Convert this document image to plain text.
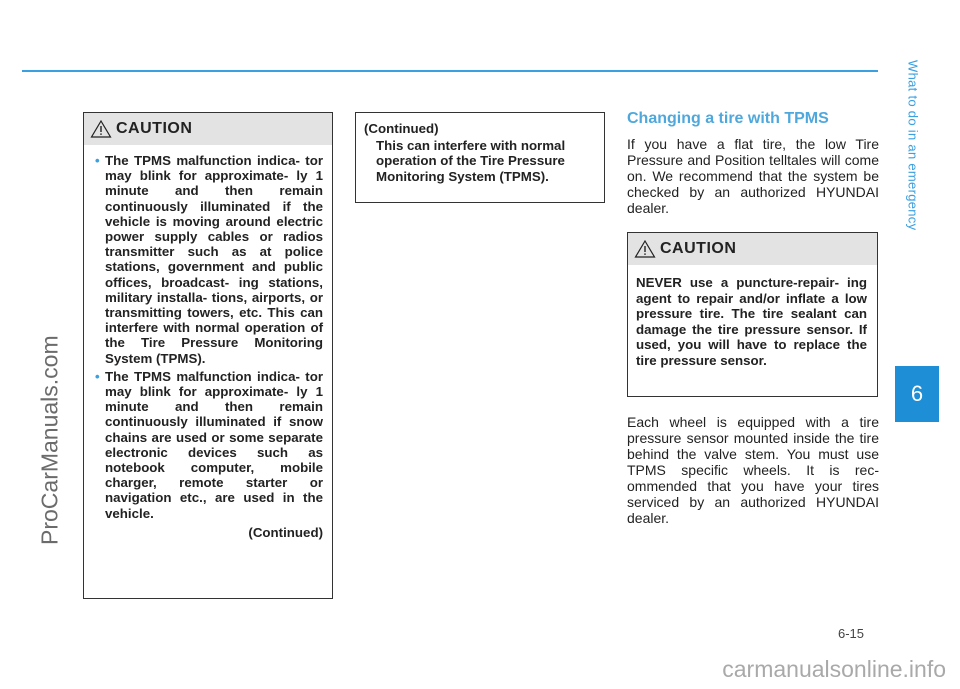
What to do in an emergency
6
ProCarManuals.com
CAUTION
• The TPMS malfunction indica- tor may blink for approximate- ly 1 minute and then remain continuously illuminated if the vehicle is moving around electric power supply cables or radios transmitter such as at police stations, government and public offices, broadcast- ing stations, military installa- tions, airports, or transmitting towers, etc. This can interfere with normal operation of the Tire Pressure Monitoring System (TPMS).
• The TPMS malfunction indica- tor may blink for approximate- ly 1 minute and then remain continuously illuminated if snow chains are used or some separate electronic devices such as notebook computer, mobile charger, remote starter or navigation etc., are used in the vehicle.
(Continued)
(Continued)
This can interfere with normal operation of the Tire Pressure Monitoring System (TPMS).
Changing a tire with TPMS
If you have a flat tire, the low Tire Pressure and Position telltales will come on. We recommend that the system be checked by an authorized HYUNDAI dealer.
CAUTION
NEVER use a puncture-repair- ing agent to repair and/or inflate a low pressure tire. The tire sealant can damage the tire pressure sensor. If used, you will have to replace the tire pressure sensor.
Each wheel is equipped with a tire pressure sensor mounted inside the tire behind the valve stem. You must use TPMS specific wheels. It is rec- ommended that you have your tires serviced by an authorized HYUNDAI dealer.
6-15
carmanualsonline.info
